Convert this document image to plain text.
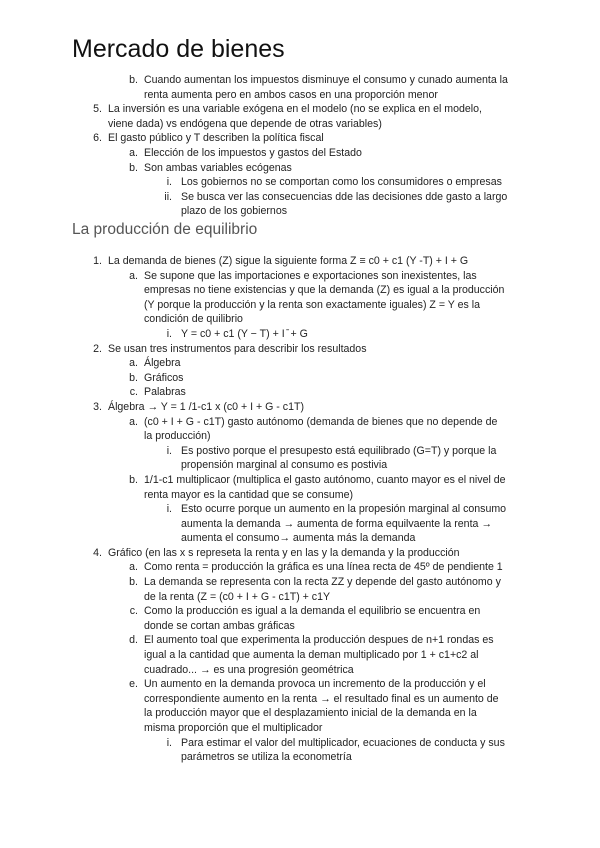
Mercado de bienes
b. Cuando aumentan los impuestos disminuye el consumo y cunado aumenta la
renta aumenta pero en ambos casos en una proporción menor
5. La inversión es una variable exógena en el modelo (no se explica en el modelo,
viene dada) vs endógena que depende de otras variables)
6. El gasto público y T describen la política fiscal
a. Elección de los impuestos y gastos del Estado
b. Son ambas variables ecógenas
i. Los gobiernos no se comportan como los consumidores o empresas
ii. Se busca ver las consecuencias dde las decisiones dde gasto a largo
plazo de los gobiernos
La producción de equilibrio
1. La demanda de bienes (Z) sigue la siguiente forma Z ≡ c0 + c1 (Y -T) + I + G
a. Se supone que las importaciones e exportaciones son inexistentes, las
empresas no tiene existencias y que la demanda (Z) es igual a la producción
(Y porque la producción y la renta son exactamente iguales) Z = Y es la
condición de quilibrio
i. Y = c0 + c1 (Y − T) + I ̄ + G
2. Se usan tres instrumentos para describir los resultados
a. Álgebra
b. Gráficos
c. Palabras
3. Álgebra → Y = 1 /1-c1 x (c0 + I + G - c1T)
a. (c0 + I + G - c1T) gasto autónomo (demanda de bienes que no depende de
la producción)
i. Es postivo porque el presupesto está equilibrado (G=T) y porque la
propensión marginal al consumo es postivia
b. 1/1-c1 multiplicaor (multiplica el gasto autónomo, cuanto mayor es el nivel de
renta mayor es la cantidad que se consume)
i. Esto ocurre porque un aumento en la propesión marginal al consumo
aumenta la demanda → aumenta de forma equilvaente la renta →
aumenta el consumo→ aumenta más la demanda
4. Gráfico (en las x s represeta la renta y en las y la demanda y la producción
a. Como renta = producción la gráfica es una línea recta de 45º de pendiente 1
b. La demanda se representa con la recta ZZ y depende del gasto autónomo y
de la renta (Z = (c0 + I + G - c1T) + c1Y
c. Como la producción es igual a la demanda el equilibrio se encuentra en
donde se cortan ambas gráficas
d. El aumento toal que experimenta la producción despues de n+1 rondas es
igual a la cantidad que aumenta la deman multiplicado por 1 + c1+c2 al
cuadrado... → es una progresión geométrica
e. Un aumento en la demanda provoca un incremento de la producción y el
correspondiente aumento en la renta → el resultado final es un aumento de
la producción mayor que el desplazamiento inicial de la demanda en la
misma proporción que el multiplicador
i. Para estimar el valor del multiplicador, ecuaciones de conducta y sus
parámetros se utiliza la econometría
